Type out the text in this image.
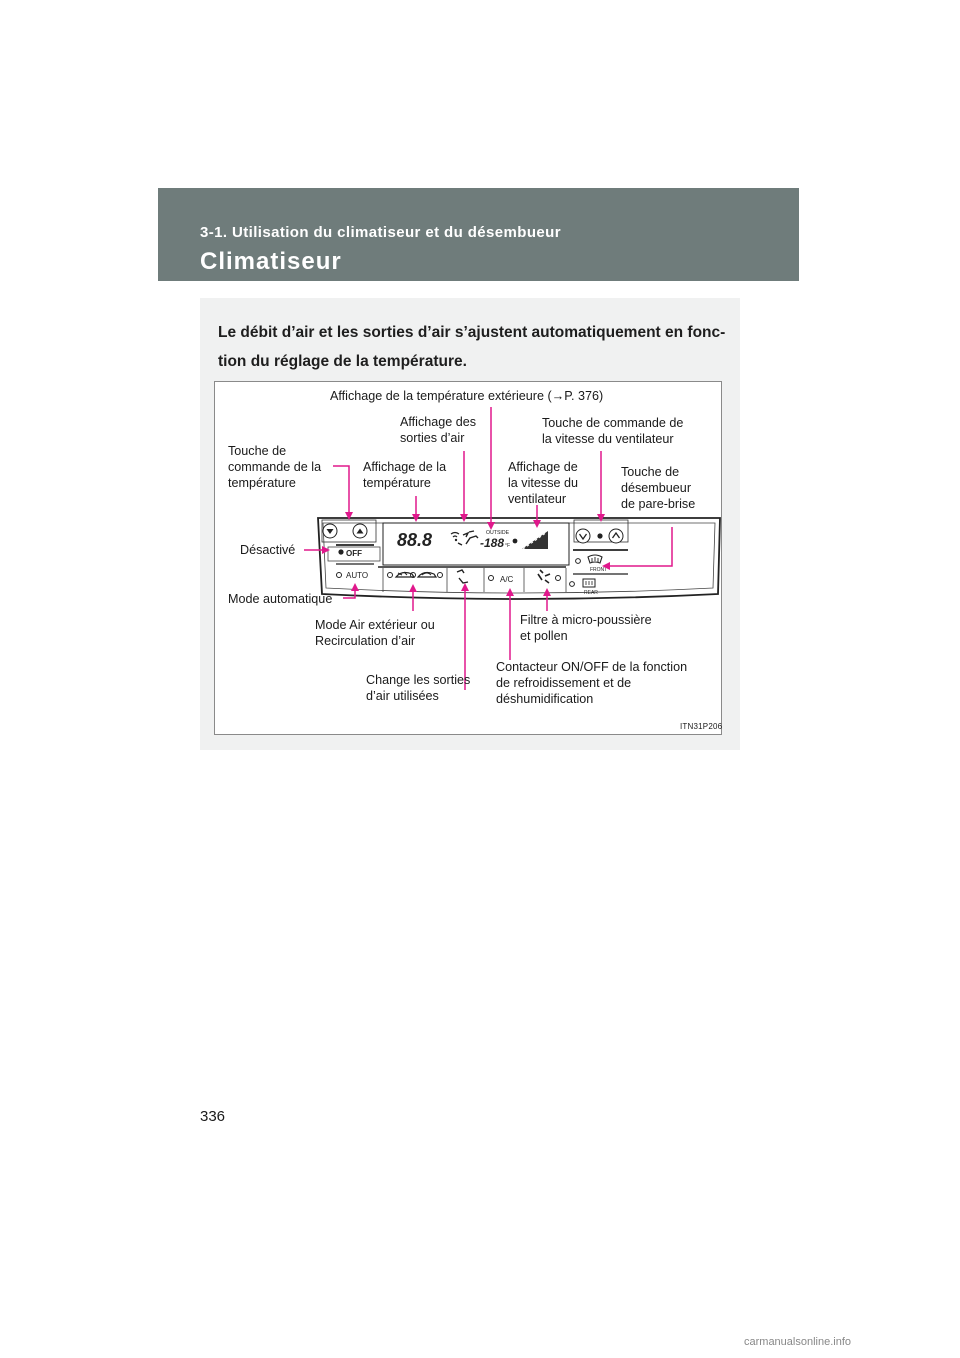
3-1. Utilisation du climatiseur et du désembueur
Climatiseur
Le débit d’air et les sorties d’air s’ajustent automatiquement en fonc-
tion du réglage de la température.
OFF
AUTO
88.8	OUTSIDE
-188 °F
FRONT
REAR
A/C
Affichage de la température extérieure (→P. 376)
Affichage des
sorties d’air
Touche de commande de
la vitesse du ventilateur
Touche de
commande de la
température
Affichage de la
température
Affichage de
la vitesse du
ventilateur
Touche de
désembueur
de pare-brise
Désactivé
Mode automatique
Mode Air extérieur ou
Recirculation d’air
Filtre à micro-poussière
et pollen
Change les sorties
d’air utilisées
Contacteur ON/OFF de la fonction
de refroidissement et de
déshumidification
ITN31P206
336
carmanualsonline.info
